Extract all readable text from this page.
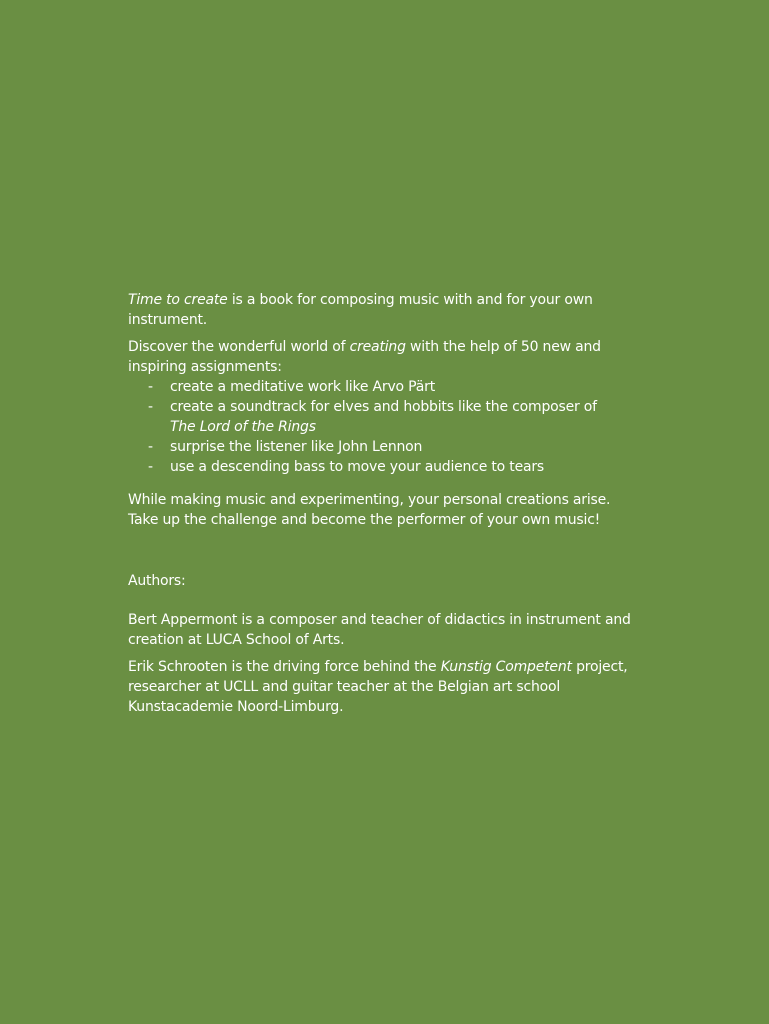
Time to create is a book for composing music with and for your own instrument.

Discover the wonderful world of creating with the help of 50 new and inspiring assignments:

- create a meditative work like Arvo Pärt
- create a soundtrack for elves and hobbits like the composer of
The Lord of the Rings
- surprise the listener like John Lennon
- use a descending bass to move your audience to tears

While making music and experimenting, your personal creations arise.
Take up the challenge and become the performer of your own music!

Authors:

Bert Appermont is a composer and teacher of didactics in instrument and creation at LUCA School of Arts.

Erik Schrooten is the driving force behind the Kunstig Competent project, researcher at UCLL and guitar teacher at the Belgian art school Kunstacademie Noord-Limburg.
